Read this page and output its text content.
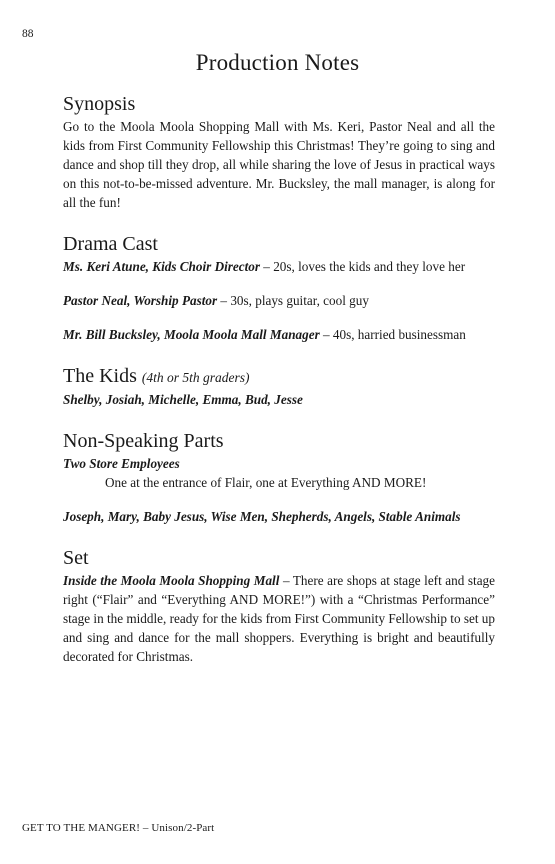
88
Production Notes
Synopsis

Go to the Moola Moola Shopping Mall with Ms. Keri, Pastor Neal and all the kids from First Community Fellowship this Christmas! They’re going to sing and dance and shop till they drop, all while sharing the love of Jesus in practical ways on this not-to-be-missed adventure. Mr. Bucksley, the mall manager, is along for all the fun!

Drama Cast

Ms. Keri Atune, Kids Choir Director – 20s, loves the kids and they love her

Pastor Neal, Worship Pastor – 30s, plays guitar, cool guy

Mr. Bill Bucksley, Moola Moola Mall Manager – 40s, harried businessman

The Kids (4th or 5th graders)

Shelby, Josiah, Michelle, Emma, Bud, Jesse

Non-Speaking Parts

Two Store Employees

One at the entrance of Flair, one at Everything AND MORE!

Joseph, Mary, Baby Jesus, Wise Men, Shepherds, Angels, Stable Animals

Set

Inside the Moola Moola Shopping Mall – There are shops at stage left and stage right (“Flair” and “Everything AND MORE!”) with a “Christmas Performance” stage in the middle, ready for the kids from First Community Fellowship to set up and sing and dance for the mall shoppers. Everything is bright and beautifully decorated for Christmas.

GET TO THE MANGER! – Unison/2-Part
